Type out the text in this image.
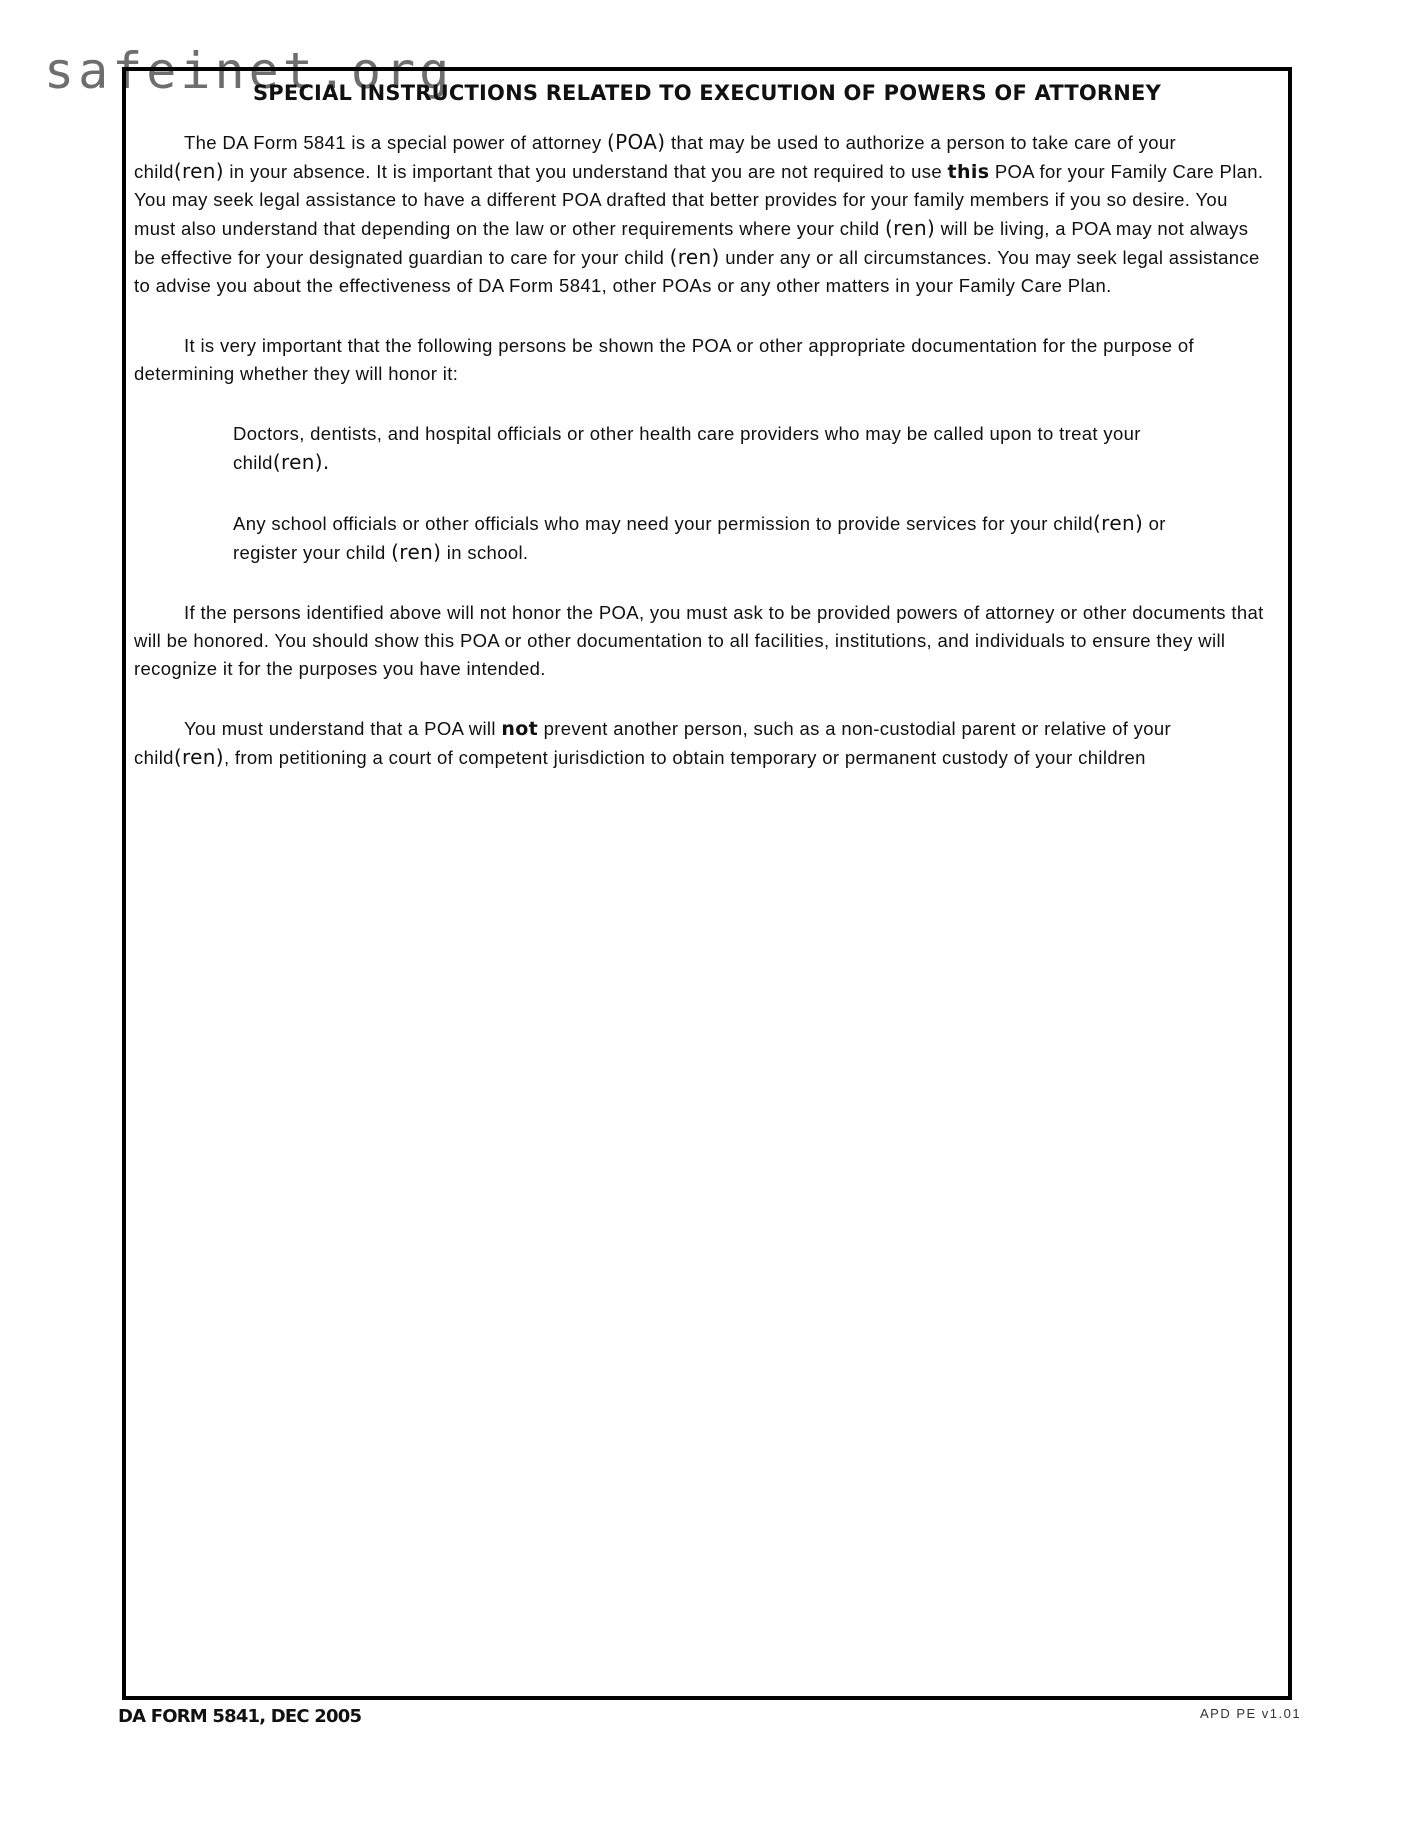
safeinet.org
SPECIAL INSTRUCTIONS RELATED TO EXECUTION OF POWERS OF ATTORNEY

The DA Form 5841 is a special power of attorney (POA) that may be used to authorize a person to take care of your child(ren) in your absence. It is important that you understand that you are not required to use this POA for your Family Care Plan. You may seek legal assistance to have a different POA drafted that better provides for your family members if you so desire. You must also understand that depending on the law or other requirements where your child (ren) will be living, a POA may not always be effective for your designated guardian to care for your child (ren) under any or all circumstances. You may seek legal assistance to advise you about the effectiveness of DA Form 5841, other POAs or any other matters in your Family Care Plan.

It is very important that the following persons be shown the POA or other appropriate documentation for the purpose of determining whether they will honor it:

Doctors, dentists, and hospital officials or other health care providers who may be called upon to treat your child(ren).

Any school officials or other officials who may need your permission to provide services for your child(ren) or register your child (ren) in school.

If the persons identified above will not honor the POA, you must ask to be provided powers of attorney or other documents that will be honored. You should show this POA or other documentation to all facilities, institutions, and individuals to ensure they will recognize it for the purposes you have intended.

You must understand that a POA will not prevent another person, such as a non-custodial parent or relative of your child(ren), from petitioning a court of competent jurisdiction to obtain temporary or permanent custody of your children

DA FORM 5841, DEC 2005	APD PE v1.01
